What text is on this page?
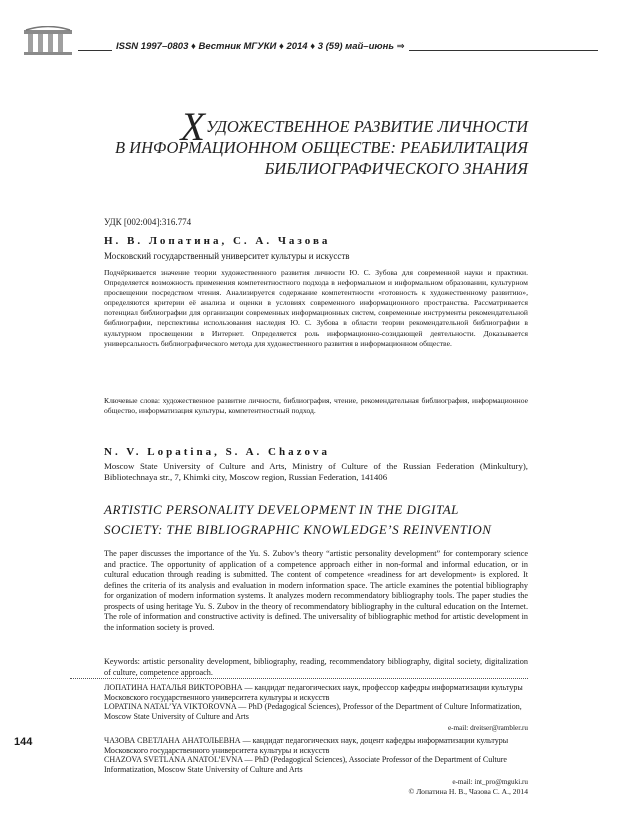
ISSN 1997–0803 ♦ Вестник МГУКИ ♦ 2014 ♦ 3 (59) май–июнь ⇒
ХУДОЖЕСТВЕННОЕ РАЗВИТИЕ ЛИЧНОСТИ
В ИНФОРМАЦИОННОМ ОБЩЕСТВЕ: РЕАБИЛИТАЦИЯ
БИБЛИОГРАФИЧЕСКОГО ЗНАНИЯ
УДК [002:004]:316.774
Н. В. Лопатина, С. А. Чазова
Московский государственный университет культуры и искусств
Подчёркивается значение теории художественного развития личности Ю. С. Зубова для современной науки и практики. Определяется возможность применения компетентностного подхода в неформальном и информальном образовании, культурном просвещении посредством чтения. Анализируется содержание компетентности «готовность к художественному развитию», определяются критерии её анализа и оценки в условиях современного информационного пространства. Рассматривается потенциал библиографии для организации современных информационных систем, современные инструменты рекомендательной библиографии, перспективы использования наследия Ю. С. Зубова в области теории рекомендательной библиографии в культурном просвещении в Интернет. Определяется роль информационно-созидающей деятельности. Доказывается универсальность библиографического метода для художественного развития в информационном обществе.
Ключевые слова: художественное развитие личности, библиография, чтение, рекомендательная библиография, информационное общество, информатизация культуры, компетентностный подход.
N. V. Lopatina, S. A. Chazova
Moscow State University of Culture and Arts, Ministry of Culture of the Russian Federation (Minkultury), Bibliotechnaya str., 7, Khimki city, Moscow region, Russian Federation, 141406
ARTISTIC PERSONALITY DEVELOPMENT IN THE DIGITAL
SOCIETY: THE BIBLIOGRAPHIC KNOWLEDGE’S REINVENTION
The paper discusses the importance of the Yu. S. Zubov’s theory “artistic personality development” for contemporary science and practice. The opportunity of application of a competence approach either in non-formal and informal education, or in cultural education through reading is submitted. The content of competence «readiness for art development» is explored. It defines the criteria of its analysis and evaluation in modern information space. The article examines the potential bibliography for organization of modern information systems. It analyzes modern recommendatory bibliography tools. The paper studies the prospects of using heritage Yu. S. Zubov in the theory of recommendatory bibliography in the cultural education on the Internet. The role of information and constructive activity is defined. The universality of bibliographic method for artistic development in the information society is proved.
Keywords: artistic personality development, bibliography, reading, recommendatory bibliography, digital society, digitalization of culture, competence approach.
ЛОПАТИНА НАТАЛЬЯ ВИКТОРОВНА — кандидат педагогических наук, профессор кафедры информатизации культуры Московского государственного университета культуры и искусств
LOPATINA NATAL’YA VIKTOROVNA — PhD (Pedagogical Sciences), Professor of the Department of Culture Informatization, Moscow State University of Culture and Arts
e-mail: dreitser@rambler.ru
144	ЧАЗОВА СВЕТЛАНА АНАТОЛЬЕВНА — кандидат педагогических наук, доцент кафедры информатизации культуры Московского государственного университета культуры и искусств
CHAZOVA SVETLANA ANATOL’EVNA — PhD (Pedagogical Sciences), Associate Professor of the Department of Culture Informatization, Moscow State University of Culture and Arts
e-mail: int_pro@mguki.ru
© Лопатина Н. В., Чазова С. А., 2014
